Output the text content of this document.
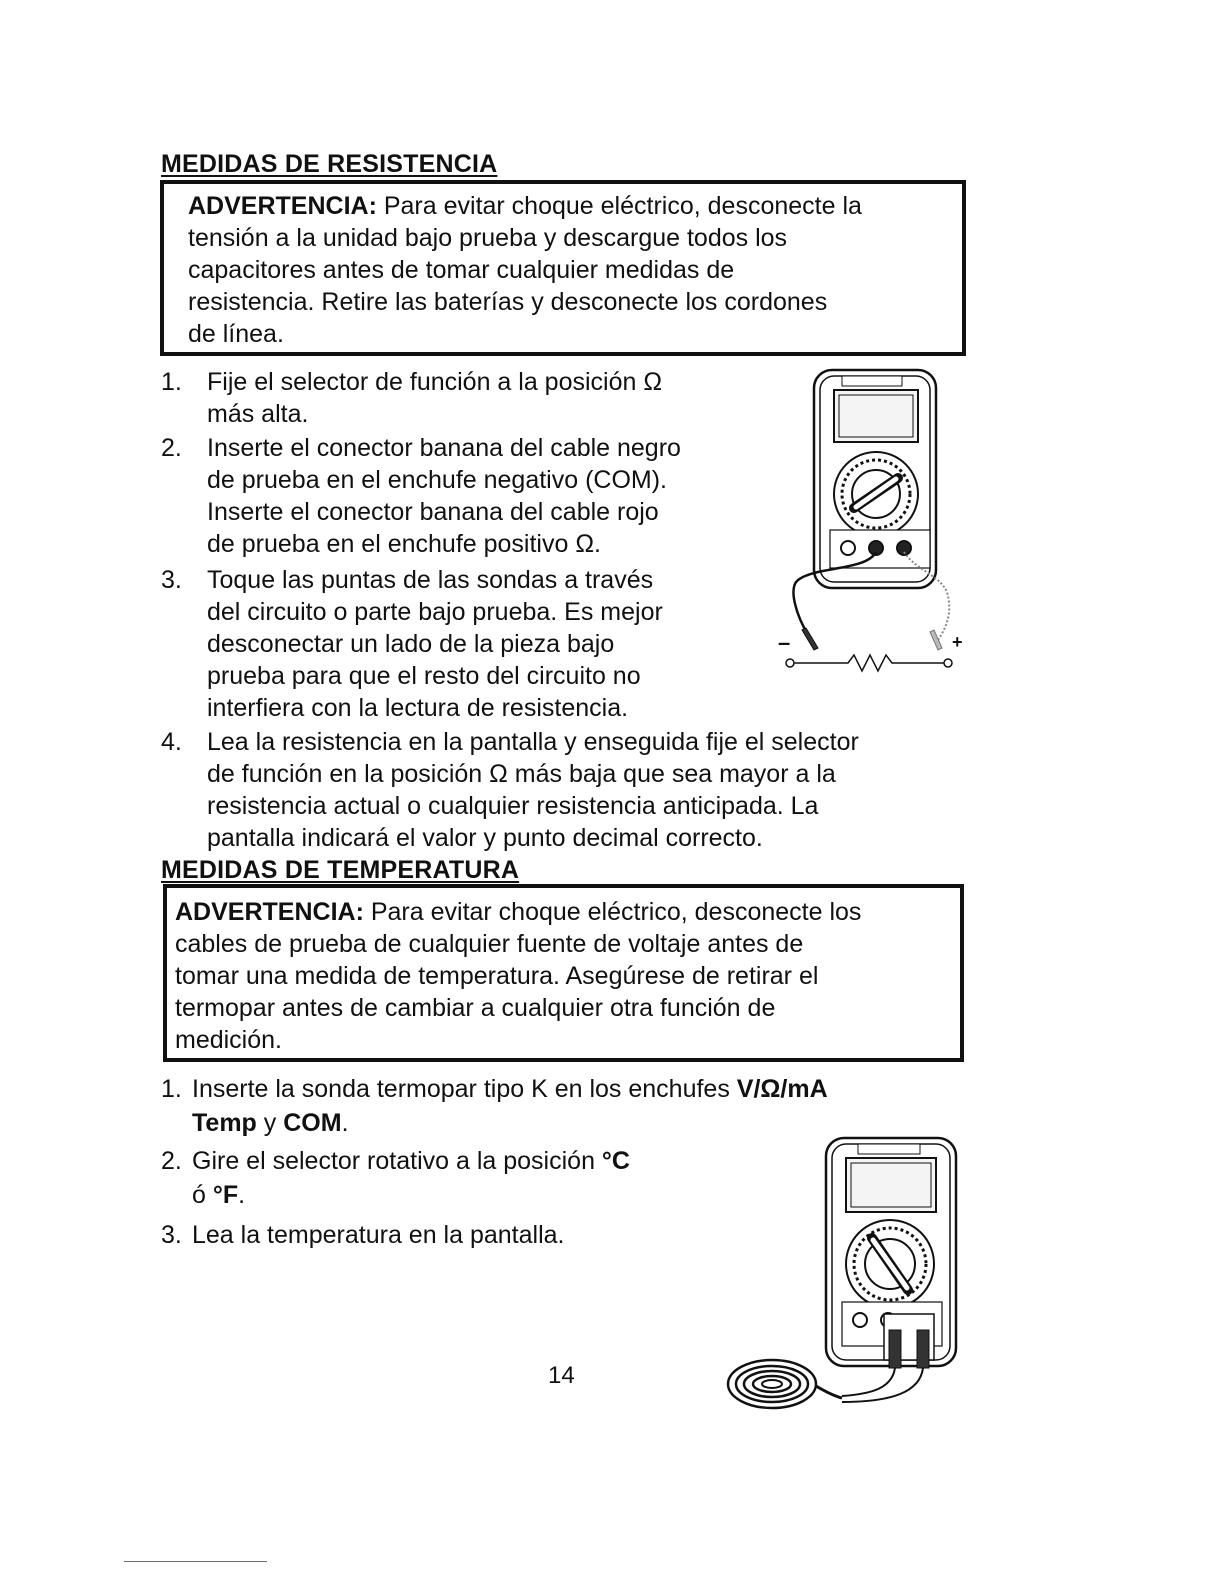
MEDIDAS DE RESISTENCIA
ADVERTENCIA: Para evitar choque eléctrico, desconecte la
tensión a la unidad bajo prueba y descargue todos los
capacitores antes de tomar cualquier medidas de
resistencia. Retire las baterías y desconecte los cordones
de línea.
1. Fije el selector de función a la posición Ω
más alta.
2. Inserte el conector banana del cable negro
de prueba en el enchufe negativo (COM).
Inserte el conector banana del cable rojo
de prueba en el enchufe positivo Ω.
3. Toque las puntas de las sondas a través
del circuito o parte bajo prueba. Es mejor
desconectar un lado de la pieza bajo
prueba para que el resto del circuito no
interfiera con la lectura de resistencia.
4. Lea la resistencia en la pantalla y enseguida fije el selector
de función en la posición Ω más baja que sea mayor a la
resistencia actual o cualquier resistencia anticipada. La
pantalla indicará el valor y punto decimal correcto.
–	+
MEDIDAS DE TEMPERATURA
ADVERTENCIA: Para evitar choque eléctrico, desconecte los
cables de prueba de cualquier fuente de voltaje antes de
tomar una medida de temperatura. Asegúrese de retirar el
termopar antes de cambiar a cualquier otra función de
medición.
1. Inserte la sonda termopar tipo K en los enchufes V/Ω/mA
Temp y COM.
2. Gire el selector rotativo a la posición °C
ó °F.
3. Lea la temperatura en la pantalla.
14
